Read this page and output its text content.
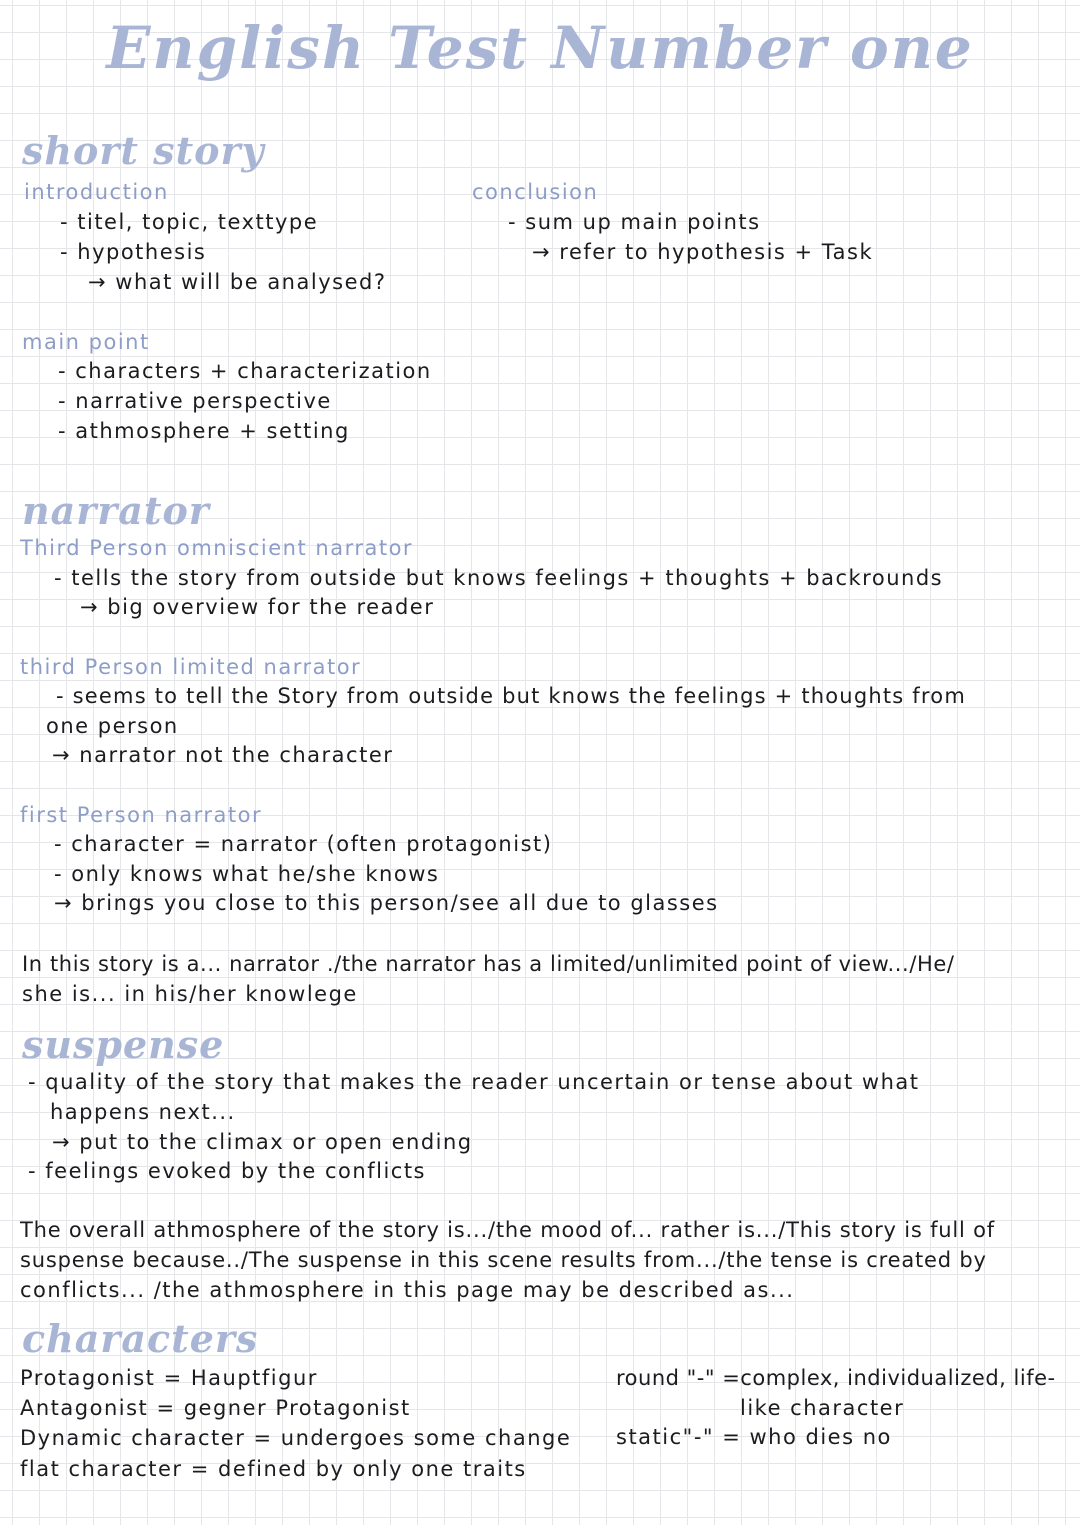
English Test Number one
short story
introduction
- titel, topic, texttype
- hypothesis
→ what will be analysed?
conclusion
- sum up main points
→ refer to hypothesis + Task
main point
- characters + characterization
- narrative perspective
- athmosphere + setting
narrator
Third Person omniscient narrator
- tells the story from outside but knows feelings + thoughts + backrounds
→ big overview for the reader
third Person limited narrator
- seems to tell the Story from outside but knows the feelings + thoughts from
one person
→ narrator not the character
first Person narrator
- character = narrator (often protagonist)
- only knows what he/she knows
→ brings you close to this person/see all due to glasses
In this story is a... narrator ./the narrator has a limited/unlimited point of view.../He/
she is... in his/her knowlege
suspense
- quality of the story that makes the reader uncertain or tense about what
happens next...
→ put to the climax or open ending
- feelings evoked by the conflicts
The overall athmosphere of the story is.../the mood of... rather is.../This story is full of
suspense because../The suspense in this scene results from.../the tense is created by
conflicts... /the athmosphere in this page may be described as...
characters
Protagonist = Hauptfigur
Antagonist = gegner Protagonist
Dynamic character = undergoes some change
flat character = defined by only one traits
round "-" =complex, individualized, life-
like character
static"-" = who dies no
